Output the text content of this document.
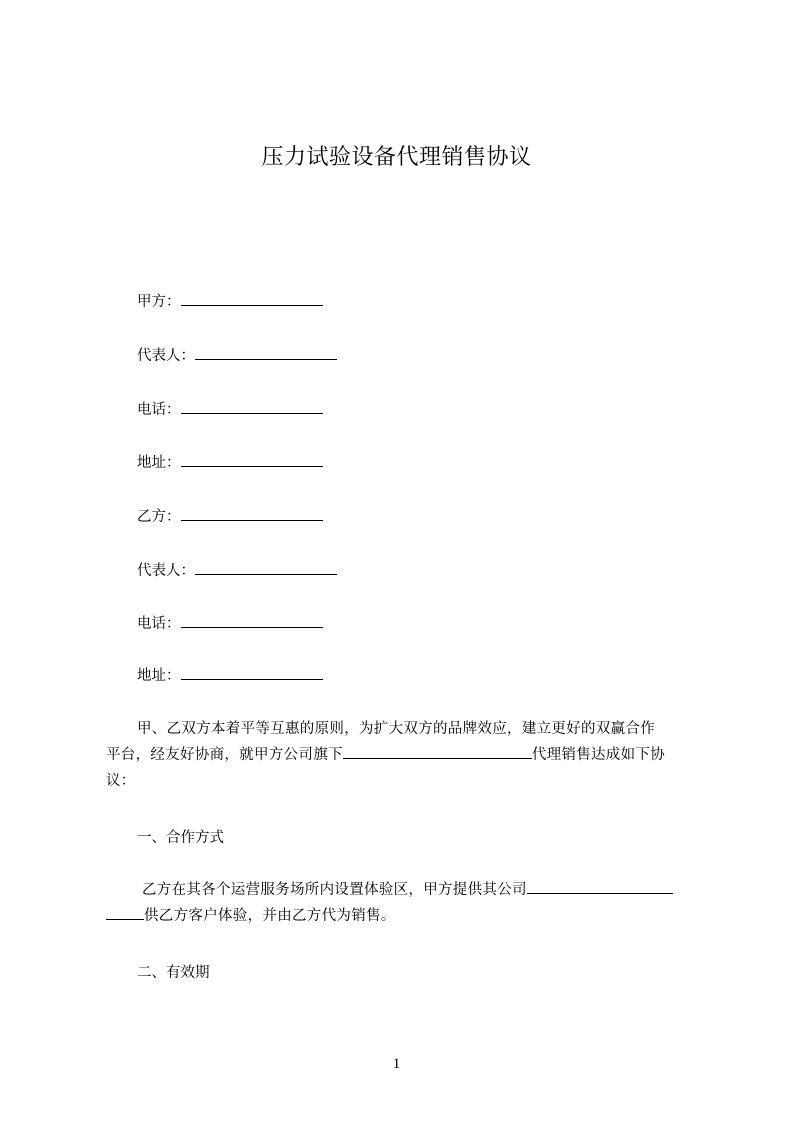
压力试验设备代理销售协议
甲方：
代表人：
电话：
地址：
乙方：
代表人：
电话：
地址：
甲、乙双方本着平等互惠的原则，为扩大双方的品牌效应，建立更好的双赢合作
平台，经友好协商，就甲方公司旗下	代理销售达成如下协
议：
一、合作方式
乙方在其各个运营服务场所内设置体验区，甲方提供其公司
供乙方客户体验，并由乙方代为销售。
二、有效期
1
